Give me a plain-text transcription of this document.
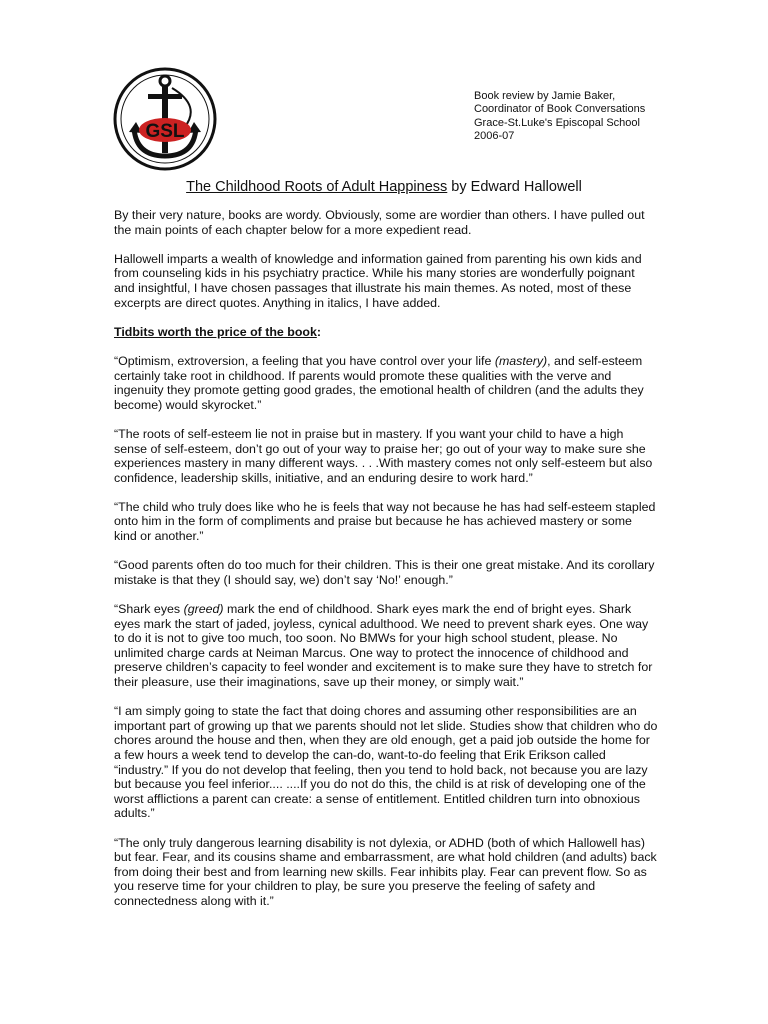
GSL
Book review by Jamie Baker,
Coordinator of Book Conversations
Grace-St.Luke's Episcopal School
2006-07
The Childhood Roots of Adult Happiness by Edward Hallowell

By their very nature, books are wordy. Obviously, some are wordier than others. I have pulled out the main points of each chapter below for a more expedient read.

Hallowell imparts a wealth of knowledge and information gained from parenting his own kids and from counseling kids in his psychiatry practice. While his many stories are wonderfully poignant and insightful, I have chosen passages that illustrate his main themes. As noted, most of these excerpts are direct quotes. Anything in italics, I have added.

Tidbits worth the price of the book:

“Optimism, extroversion, a feeling that you have control over your life (mastery), and self-esteem certainly take root in childhood. If parents would promote these qualities with the verve and ingenuity they promote getting good grades, the emotional health of children (and the adults they become) would skyrocket.”

“The roots of self-esteem lie not in praise but in mastery. If you want your child to have a high sense of self-esteem, don’t go out of your way to praise her; go out of your way to make sure she experiences mastery in many different ways. . . .With mastery comes not only self-esteem but also confidence, leadership skills, initiative, and an enduring desire to work hard.”

“The child who truly does like who he is feels that way not because he has had self-esteem stapled onto him in the form of compliments and praise but because he has achieved mastery or some kind or another.”

“Good parents often do too much for their children. This is their one great mistake. And its corollary mistake is that they (I should say, we) don’t say ‘No!’ enough.”

“Shark eyes (greed) mark the end of childhood. Shark eyes mark the end of bright eyes. Shark eyes mark the start of jaded, joyless, cynical adulthood. We need to prevent shark eyes. One way to do it is not to give too much, too soon. No BMWs for your high school student, please. No unlimited charge cards at Neiman Marcus. One way to protect the innocence of childhood and preserve children’s capacity to feel wonder and excitement is to make sure they have to stretch for their pleasure, use their imaginations, save up their money, or simply wait.”

“I am simply going to state the fact that doing chores and assuming other responsibilities are an important part of growing up that we parents should not let slide. Studies show that children who do chores around the house and then, when they are old enough, get a paid job outside the home for a few hours a week tend to develop the can-do, want-to-do feeling that Erik Erikson called “industry.” If you do not develop that feeling, then you tend to hold back, not because you are lazy but because you feel inferior.... ....If you do not do this, the child is at risk of developing one of the worst afflictions a parent can create: a sense of entitlement. Entitled children turn into obnoxious adults.”

“The only truly dangerous learning disability is not dylexia, or ADHD (both of which Hallowell has) but fear. Fear, and its cousins shame and embarrassment, are what hold children (and adults) back from doing their best and from learning new skills. Fear inhibits play. Fear can prevent flow. So as you reserve time for your children to play, be sure you preserve the feeling of safety and connectedness along with it.”
